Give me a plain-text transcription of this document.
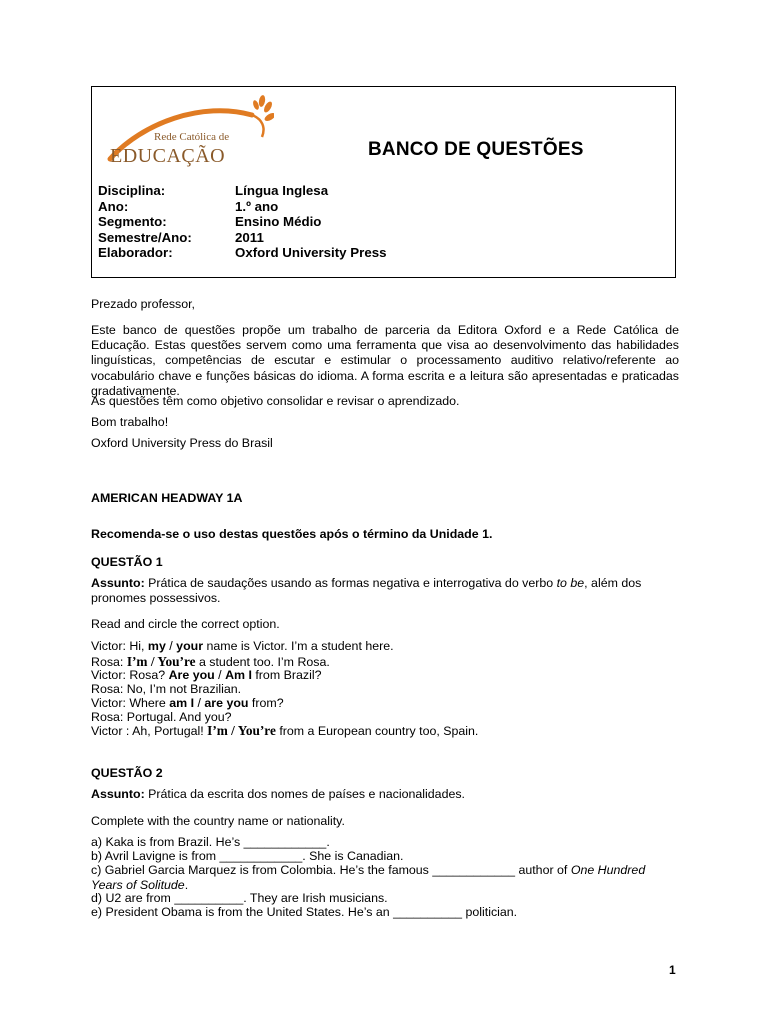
Rede Católica de
EDUCAÇÃO	BANCO DE QUESTÕES
Disciplina:	Língua Inglesa
Ano:	1.º ano
Segmento:	Ensino Médio
Semestre/Ano:	2011
Elaborador:	Oxford University Press

Prezado professor,

Este banco de questões propõe um trabalho de parceria da Editora Oxford e a Rede Católica de Educação. Estas questões servem como uma ferramenta que visa ao desenvolvimento das habilidades linguísticas, competências de escutar e estimular o processamento auditivo relativo/referente ao vocabulário chave e funções básicas do idioma. A forma escrita e a leitura são apresentadas e praticadas gradativamente.

As questões têm como objetivo consolidar e revisar o aprendizado.

Bom trabalho!

Oxford University Press do Brasil

AMERICAN HEADWAY 1A

Recomenda-se o uso destas questões após o término da Unidade 1.

QUESTÃO 1

Assunto: Prática de saudações usando as formas negativa e interrogativa do verbo to be, além dos pronomes possessivos.

Read and circle the correct option.

Victor: Hi, my / your name is Victor. I’m a student here.

Rosa: I’m / You’re a student too. I’m Rosa.

Victor: Rosa? Are you / Am I from Brazil?

Rosa: No, I’m not Brazilian.

Victor: Where am I / are you from?

Rosa: Portugal. And you?

Victor : Ah, Portugal! I’m / You’re from a European country too, Spain.

QUESTÃO 2

Assunto: Prática da escrita dos nomes de países e nacionalidades.

Complete with the country name or nationality.

a) Kaka is from Brazil. He’s ____________.

b) Avril Lavigne is from ____________. She is Canadian.

c) Gabriel Garcia Marquez is from Colombia. He’s the famous ____________ author of One Hundred Years of Solitude.

d) U2 are from __________. They are Irish musicians.

e) President Obama is from the United States. He’s an __________ politician.

1
